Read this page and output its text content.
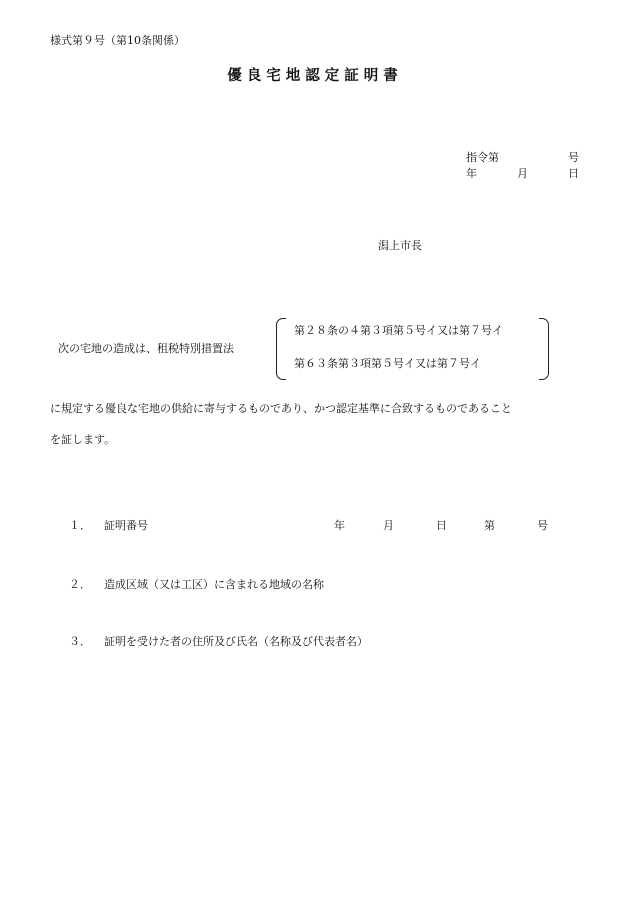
様式第９号（第10条関係）
優良宅地認定証明書
指令第	号
年	月	日
潟上市長
次の宅地の造成は、租税特別措置法
第２８条の４第３項第５号イ又は第７号イ
第６３条第３項第５号イ又は第７号イ
に規定する優良な宅地の供給に寄与するものであり、かつ認定基準に合致するものであること
を証します。
１． 証明番号	年	月	日	第	号
２． 造成区域（又は工区）に含まれる地域の名称
３． 証明を受けた者の住所及び氏名（名称及び代表者名）
